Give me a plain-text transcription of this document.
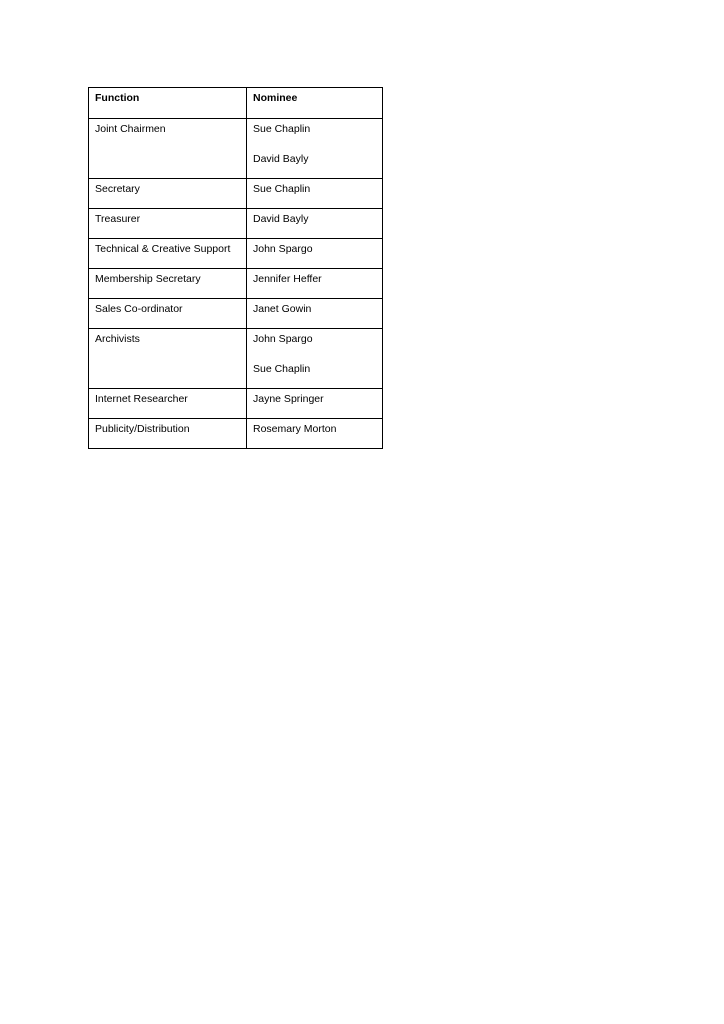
Function	Nominee
Joint Chairmen	Sue Chaplin
David Bayly

Secretary	Sue Chaplin

Treasurer	David Bayly

Technical & Creative Support	John Spargo

Membership Secretary	Jennifer Heffer

Sales Co-ordinator	Janet Gowin

Archivists	John Spargo
Sue Chaplin

Internet Researcher	Jayne Springer

Publicity/Distribution	Rosemary Morton
